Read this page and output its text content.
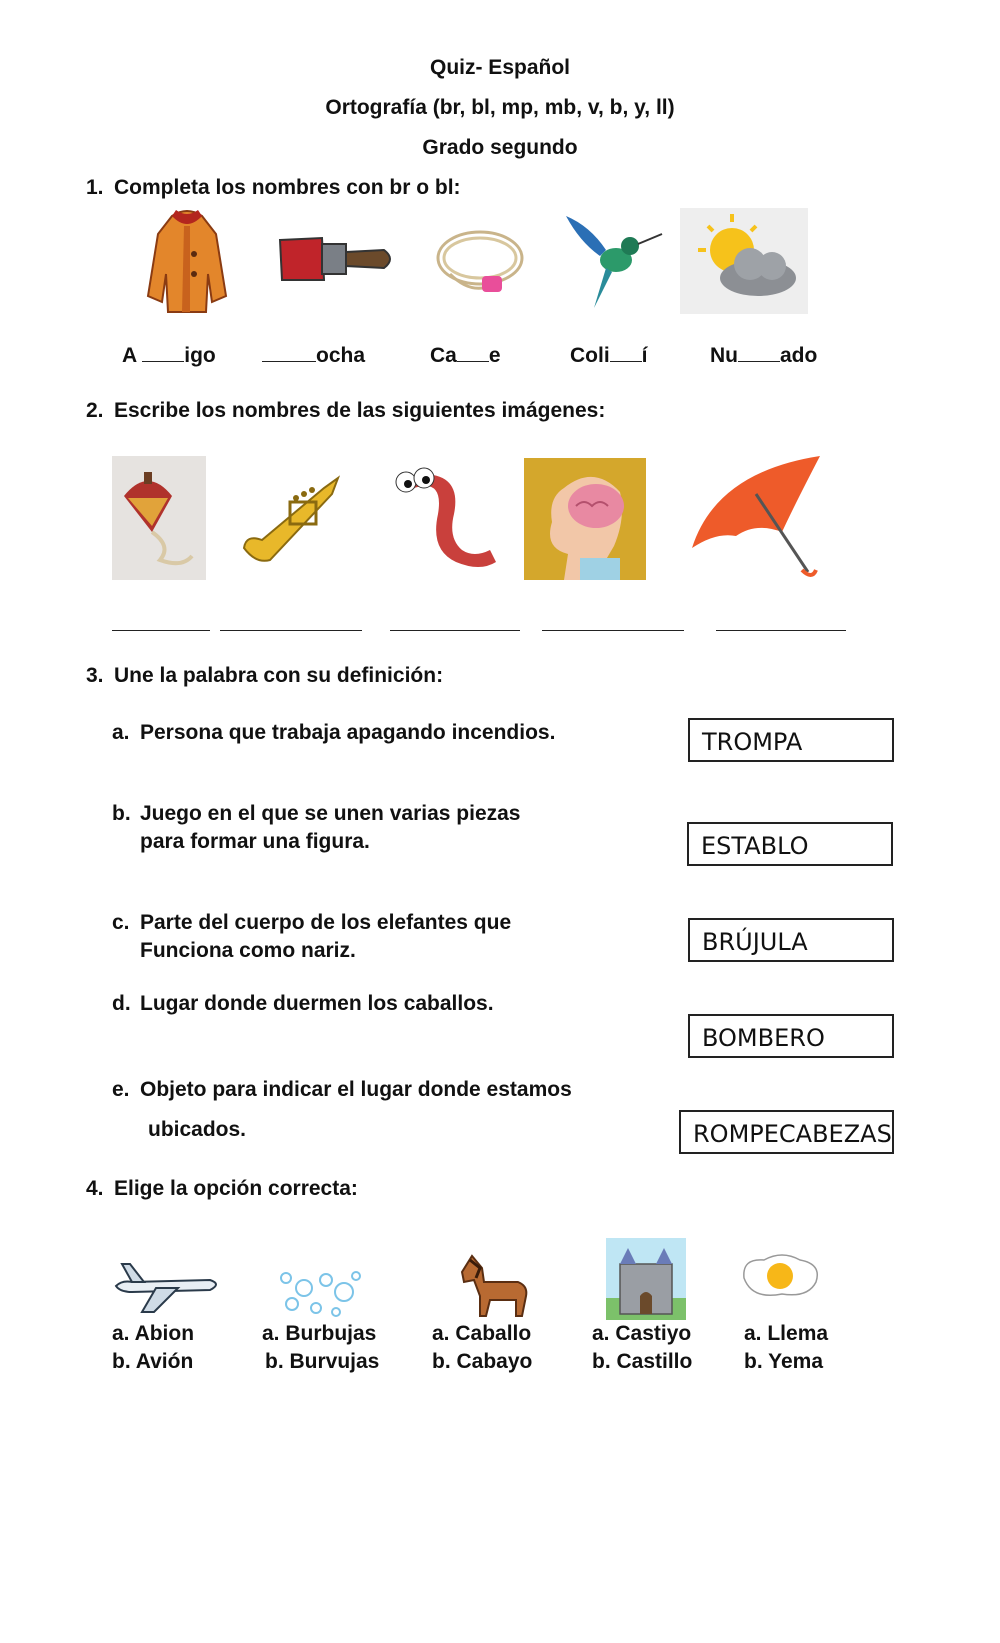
Quiz- Español
Ortografía (br, bl, mp, mb, v, b, y, ll)
Grado segundo
1. Completa los nombres con br o bl:
A igo	ocha	Ca e	Coli í	Nu ado
2. Escribe los nombres de las siguientes imágenes:
3. Une la palabra con su definición:
a. Persona que trabaja apagando incendios.
b. Juego en el que se unen varias piezas
para formar una figura.
c. Parte del cuerpo de los elefantes que
Funciona como nariz.
d. Lugar donde duermen los caballos.
e. Objeto para indicar el lugar donde estamos
ubicados.
TROMPA
ESTABLO
BRÚJULA
BOMBERO
ROMPECABEZAS
4. Elige la opción correcta:
a. Abion
b. Avión
a. Burbujas
b. Burvujas
a. Caballo
b. Cabayo
a. Castiyo
b. Castillo
a. Llema
b. Yema
